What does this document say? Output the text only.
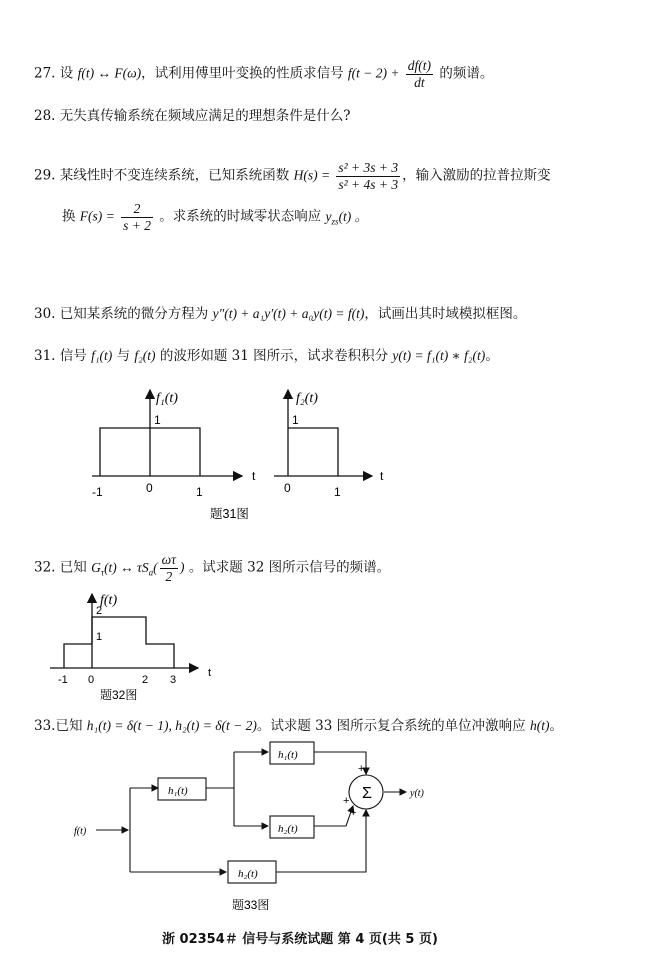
27. 设 f(t) ↔ F(ω)，试利用傅里叶变换的性质求信号 $f(t - 2) + \frac{df(t)}{dt}$ 的频谱。
28. 无失真传输系统在频域应满足的理想条件是什么?
29. 某线性时不变连续系统，已知系统函数 $H(s) = \frac{\text{s² + 3s + 3}}{\text{s² + 4s + 3}}$ ，输入激励的拉普拉斯变
换 $F(s) = \frac{2}{s + 2}$ 。求系统的时域零状态响应 $y_{zs}(t)$ 。
30. 已知某系统的微分方程为 y″(t) + a₁y′(t) + a₀y(t) = f(t)，试画出其时域模拟框图。
31. 信号 f₁(t) 与 f₂(t) 的波形如题 31 图所示，试求卷积积分 y(t) = f₁(t) ∗ f₂(t)。
f₁(t)
1
-1	0	1
t
f₂(t)
1
0	1
t
题31图
32. 已知 $G_\tau(t)$ ↔ $\tau S_a( \frac{\omega\tau}{2}$ ) 。试求题 32 图所示信号的频谱。
f(t)
2
1
-1 0	2 3
t
题32图
33.已知 h₁(t) = δ(t − 1), h₂(t) = δ(t − 2)。试求题 33 图所示复合系统的单位冲激响应 h(t)。
Σ
f(t)
y(t)
h₁(t)
h₁(t)
h₂(t)
h₂(t)
+
+
+
题33图
浙 02354＃ 信号与系统试题 第 4 页(共 5 页)
